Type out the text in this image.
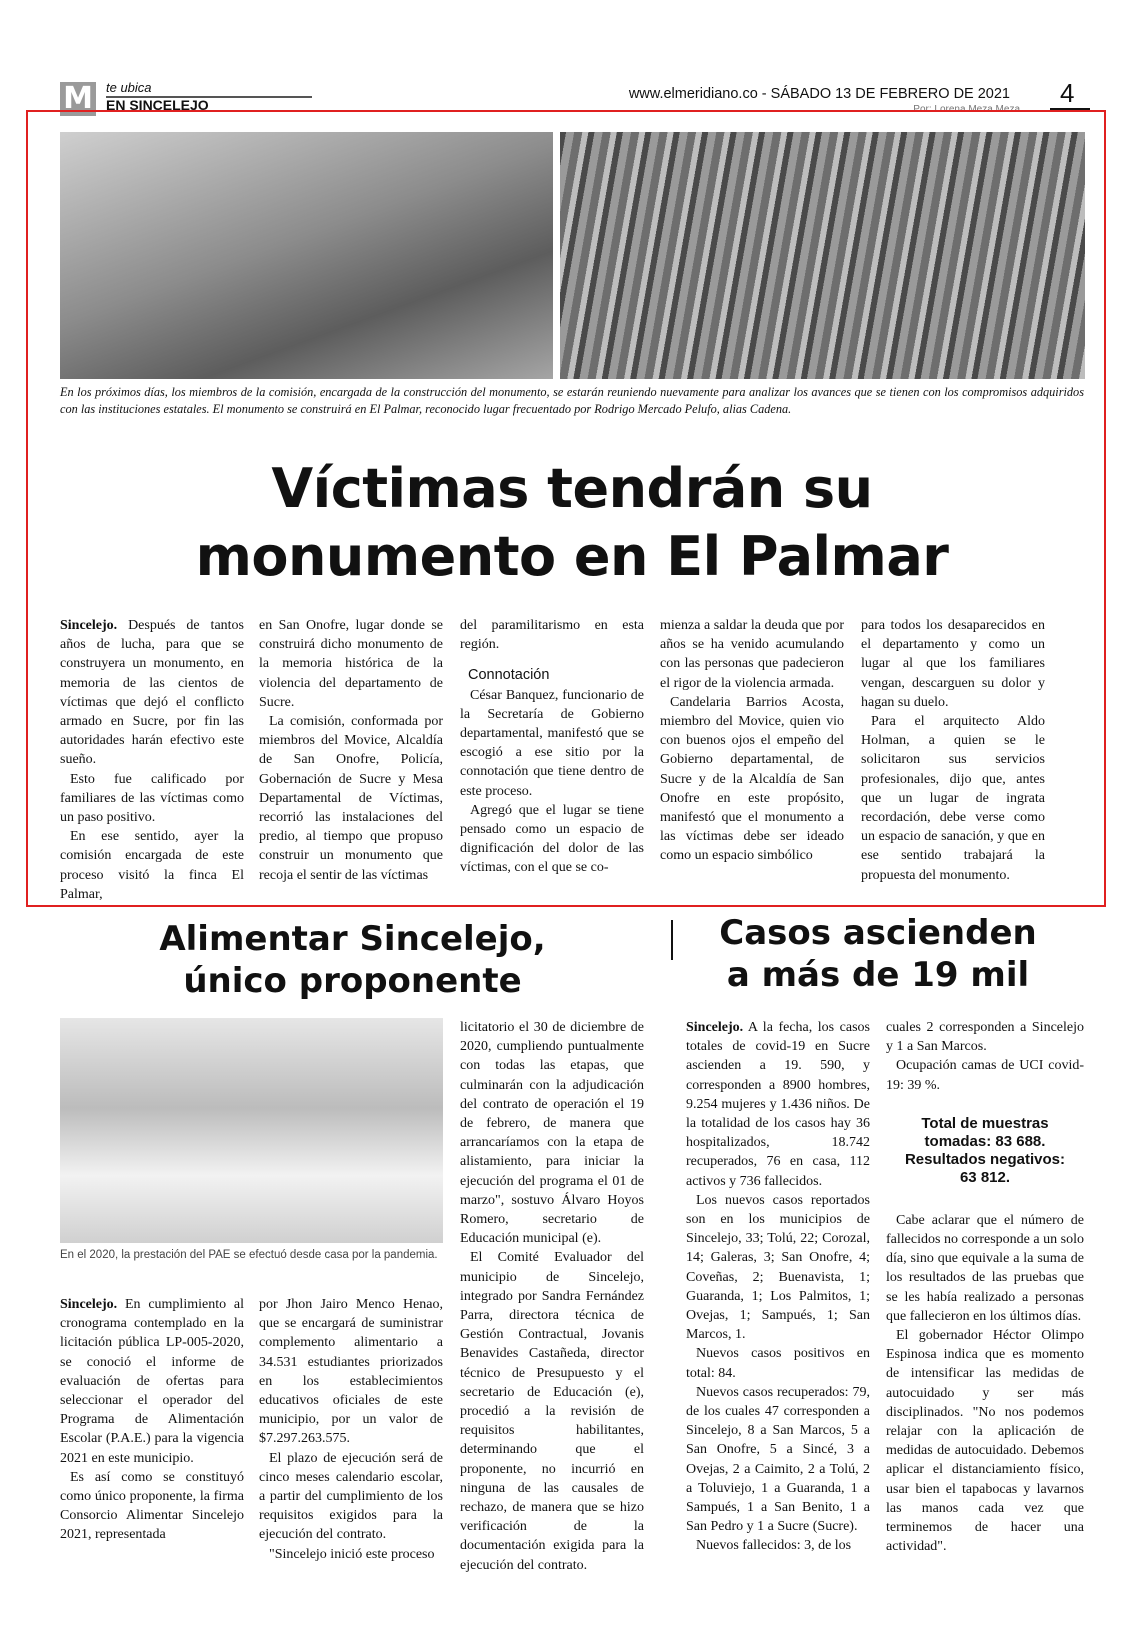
M te ubica
EN SINCELEJO
www.elmeridiano.co - SÁBADO 13 DE FEBRERO DE 2021
Por: Lorena Meza Meza
4
En los próximos días, los miembros de la comisión, encargada de la construcción del monumento, se estarán reuniendo nuevamente para analizar los avances que se tienen con los compromisos adquiridos con las instituciones estatales. El monumento se construirá en El Palmar, reconocido lugar frecuentado por Rodrigo Mercado Pelufo, alias Cadena.
Víctimas tendrán su
monumento en El Palmar

Sincelejo. Después de tantos años de lucha, para que se construyera un monumento, en memoria de las cientos de víctimas que dejó el conflicto armado en Sucre, por fin las autoridades harán efectivo este sueño.

Esto fue calificado por familiares de las víctimas como un paso positivo.

En ese sentido, ayer la comisión encargada de este proceso visitó la finca El Palmar,

en San Onofre, lugar donde se construirá dicho monumento de la memoria histórica de la violencia del departamento de Sucre.

La comisión, conformada por miembros del Movice, Alcaldía de San Onofre, Policía, Gobernación de Sucre y Mesa Departamental de Víctimas, recorrió las instalaciones del predio, al tiempo que propuso construir un monumento que recoja el sentir de las víctimas

del paramilitarismo en esta región.

Connotación

César Banquez, funcionario de la Secretaría de Gobierno departamental, manifestó que se escogió a ese sitio por la connotación que tiene dentro de este proceso.

Agregó que el lugar se tiene pensado como un espacio de dignificación del dolor de las víctimas, con el que se co-

mienza a saldar la deuda que por años se ha venido acumulando con las personas que padecieron el rigor de la violencia armada.

Candelaria Barrios Acosta, miembro del Movice, quien vio con buenos ojos el empeño del Gobierno departamental, de Sucre y de la Alcaldía de San Onofre en este propósito, manifestó que el monumento a las víctimas debe ser ideado como un espacio simbólico

para todos los desaparecidos en el departamento y como un lugar al que los familiares vengan, descarguen su dolor y hagan su duelo.

Para el arquitecto Aldo Holman, a quien se le solicitaron sus servicios profesionales, dijo que, antes que un lugar de ingrata recordación, debe verse como un espacio de sanación, y que en ese sentido trabajará la propuesta del monumento.

Alimentar Sincelejo,
único proponente
En el 2020, la prestación del PAE se efectuó desde casa por la pandemia.

Sincelejo. En cumplimiento al cronograma contemplado en la licitación pública LP-005-2020, se conoció el informe de evaluación de ofertas para seleccionar el operador del Programa de Alimentación Escolar (P.A.E.) para la vigencia 2021 en este municipio.

Es así como se constituyó como único proponente, la firma Consorcio Alimentar Sincelejo 2021, representada

por Jhon Jairo Menco Henao, que se encargará de suministrar complemento alimentario a 34.531 estudiantes priorizados en los establecimientos educativos oficiales de este municipio, por un valor de $7.297.263.575.

El plazo de ejecución será de cinco meses calendario escolar, a partir del cumplimiento de los requisitos exigidos para la ejecución del contrato.

"Sincelejo inició este proceso

licitatorio el 30 de diciembre de 2020, cumpliendo puntualmente con todas las etapas, que culminarán con la adjudicación del contrato de operación el 19 de febrero, de manera que arrancaríamos con la etapa de alistamiento, para iniciar la ejecución del programa el 01 de marzo", sostuvo Álvaro Hoyos Romero, secretario de Educación municipal (e).

El Comité Evaluador del municipio de Sincelejo, integrado por Sandra Fernández Parra, directora técnica de Gestión Contractual, Jovanis Benavides Castañeda, director técnico de Presupuesto y el secretario de Educación (e), procedió a la revisión de requisitos habilitantes, determinando que el proponente, no incurrió en ninguna de las causales de rechazo, de manera que se hizo verificación de la documentación exigida para la ejecución del contrato.

Casos ascienden
a más de 19 mil

Sincelejo. A la fecha, los casos totales de covid-19 en Sucre ascienden a 19. 590, y corresponden a 8900 hombres, 9.254 mujeres y 1.436 niños. De la totalidad de los casos hay 36 hospitalizados, 18.742 recuperados, 76 en casa, 112 activos y 736 fallecidos.

Los nuevos casos reportados son en los municipios de Sincelejo, 33; Tolú, 22; Corozal, 14; Galeras, 3; San Onofre, 4; Coveñas, 2; Buenavista, 1; Guaranda, 1; Los Palmitos, 1; Ovejas, 1; Sampués, 1; San Marcos, 1.

Nuevos casos positivos en total: 84.

Nuevos casos recuperados: 79, de los cuales 47 corresponden a Sincelejo, 8 a San Marcos, 5 a San Onofre, 5 a Sincé, 3 a Ovejas, 2 a Caimito, 2 a Tolú, 2 a Toluviejo, 1 a Guaranda, 1 a Sampués, 1 a San Benito, 1 a San Pedro y 1 a Sucre (Sucre).

Nuevos fallecidos: 3, de los

cuales 2 corresponden a Sincelejo y 1 a San Marcos.

Ocupación camas de UCI covid-19: 39 %.

Total de muestras tomadas: 83 688. Resultados negativos: 63 812.

Cabe aclarar que el número de fallecidos no corresponde a un solo día, sino que equivale a la suma de los resultados de las pruebas que se les había realizado a personas que fallecieron en los últimos días.

El gobernador Héctor Olimpo Espinosa indica que es momento de intensificar las medidas de autocuidado y ser más disciplinados. "No nos podemos relajar con la aplicación de medidas de autocuidado. Debemos aplicar el distanciamiento físico, usar bien el tapabocas y lavarnos las manos cada vez que terminemos de hacer una actividad".
